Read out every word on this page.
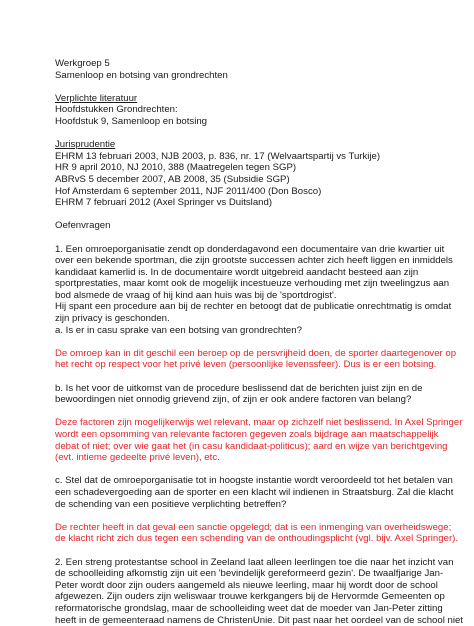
Werkgroep 5
Samenloop en botsing van grondrechten
Verplichte literatuur
Hoofdstukken Grondrechten:
Hoofdstuk 9, Samenloop en botsing
Jurisprudentie
EHRM 13 februari 2003, NJB 2003, p. 836, nr. 17 (Welvaartspartij vs Turkije)
HR 9 april 2010, NJ 2010, 388 (Maatregelen tegen SGP)
ABRvS 5 december 2007, AB 2008, 35 (Subsidie SGP)
Hof Amsterdam 6 september 2011, NJF 2011/400 (Don Bosco)
EHRM 7 februari 2012 (Axel Springer vs Duitsland)
Oefenvragen
1. Een omroeporganisatie zendt op donderdagavond een documentaire van drie kwartier uit
over een bekende sportman, die zijn grootste successen achter zich heeft liggen en inmiddels
kandidaat kamerlid is. In de documentaire wordt uitgebreid aandacht besteed aan zijn
sportprestaties, maar komt ook de mogelijk incestueuze verhouding met zijn tweelingzus aan
bod alsmede de vraag of hij kind aan huis was bij de 'sportdrogist'.
Hij spant een procedure aan bij de rechter en betoogt dat de publicatie onrechtmatig is omdat
zijn privacy is geschonden.
a. Is er in casu sprake van een botsing van grondrechten?
De omroep kan in dit geschil een beroep op de persvrijheid doen, de sporter daartegenover op
het recht op respect voor het privé leven (persoonlijke levenssfeer). Dus is er een botsing.
b. Is het voor de uitkomst van de procedure beslissend dat de berichten juist zijn en de
bewoordingen niet onnodig grievend zijn, of zijn er ook andere factoren van belang?
Deze factoren zijn mogelijkerwijs wel relevant, maar op zichzelf niet beslissend. In Axel Springer
wordt een opsomming van relevante factoren gegeven zoals bijdrage aan maatschappelijk
debat of niet; over wie gaat het (in casu kandidaat-politicus); aard en wijze van berichtgeving
(evt. intieme gedeelte privé leven), etc.
c. Stel dat de omroeporganisatie tot in hoogste instantie wordt veroordeeld tot het betalen van
een schadevergoeding aan de sporter en een klacht wil indienen in Straatsburg. Zal die klacht
de schending van een positieve verplichting betreffen?
De rechter heeft in dat geval een sanctie opgelegd; dat is een inmenging van overheidswege;
de klacht richt zich dus tegen een schending van de onthoudingsplicht (vgl. bijv. Axel Springer).
2. Een streng protestantse school in Zeeland laat alleen leerlingen toe die naar het inzicht van
de schoolleiding afkomstig zijn uit een 'bevindelijk gereformeerd gezin'. De twaalfjarige Jan-
Peter wordt door zijn ouders aangemeld als nieuwe leerling, maar hij wordt door de school
afgewezen. Zijn ouders zijn weliswaar trouwe kerkgangers bij de Hervormde Gemeenten op
reformatorische grondslag, maar de schoolleiding weet dat de moeder van Jan-Peter zitting
heeft in de gemeenteraad namens de ChristenUnie. Dit past naar het oordeel van de school niet
